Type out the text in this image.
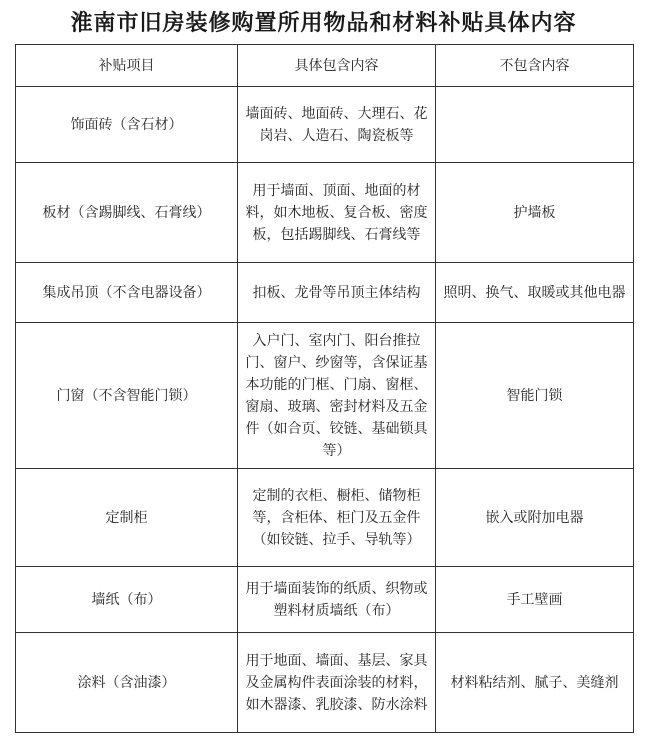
淮南市旧房装修购置所用物品和材料补贴具体内容
补贴项目	具体包含内容	不包含内容
饰面砖（含石材）	墙面砖、地面砖、大理石、花岗岩、人造石、陶瓷板等	
板材（含踢脚线、石膏线）	用于墙面、顶面、地面的材料，如木地板、复合板、密度板，包括踢脚线、石膏线等	护墙板
集成吊顶（不含电器设备）	扣板、龙骨等吊顶主体结构	照明、换气、取暖或其他电器
门窗（不含智能门锁）	入户门、室内门、阳台推拉门、窗户、纱窗等，含保证基本功能的门框、门扇、窗框、窗扇、玻璃、密封材料及五金件（如合页、铰链、基础锁具等）	智能门锁
定制柜	定制的衣柜、橱柜、储物柜等，含柜体、柜门及五金件（如铰链、拉手、导轨等）	嵌入或附加电器
墙纸（布）	用于墙面装饰的纸质、织物或塑料材质墙纸（布）	手工壁画
涂料（含油漆）	用于地面、墙面、基层、家具及金属构件表面涂装的材料，如木器漆、乳胶漆、防水涂料	材料粘结剂、腻子、美缝剂
